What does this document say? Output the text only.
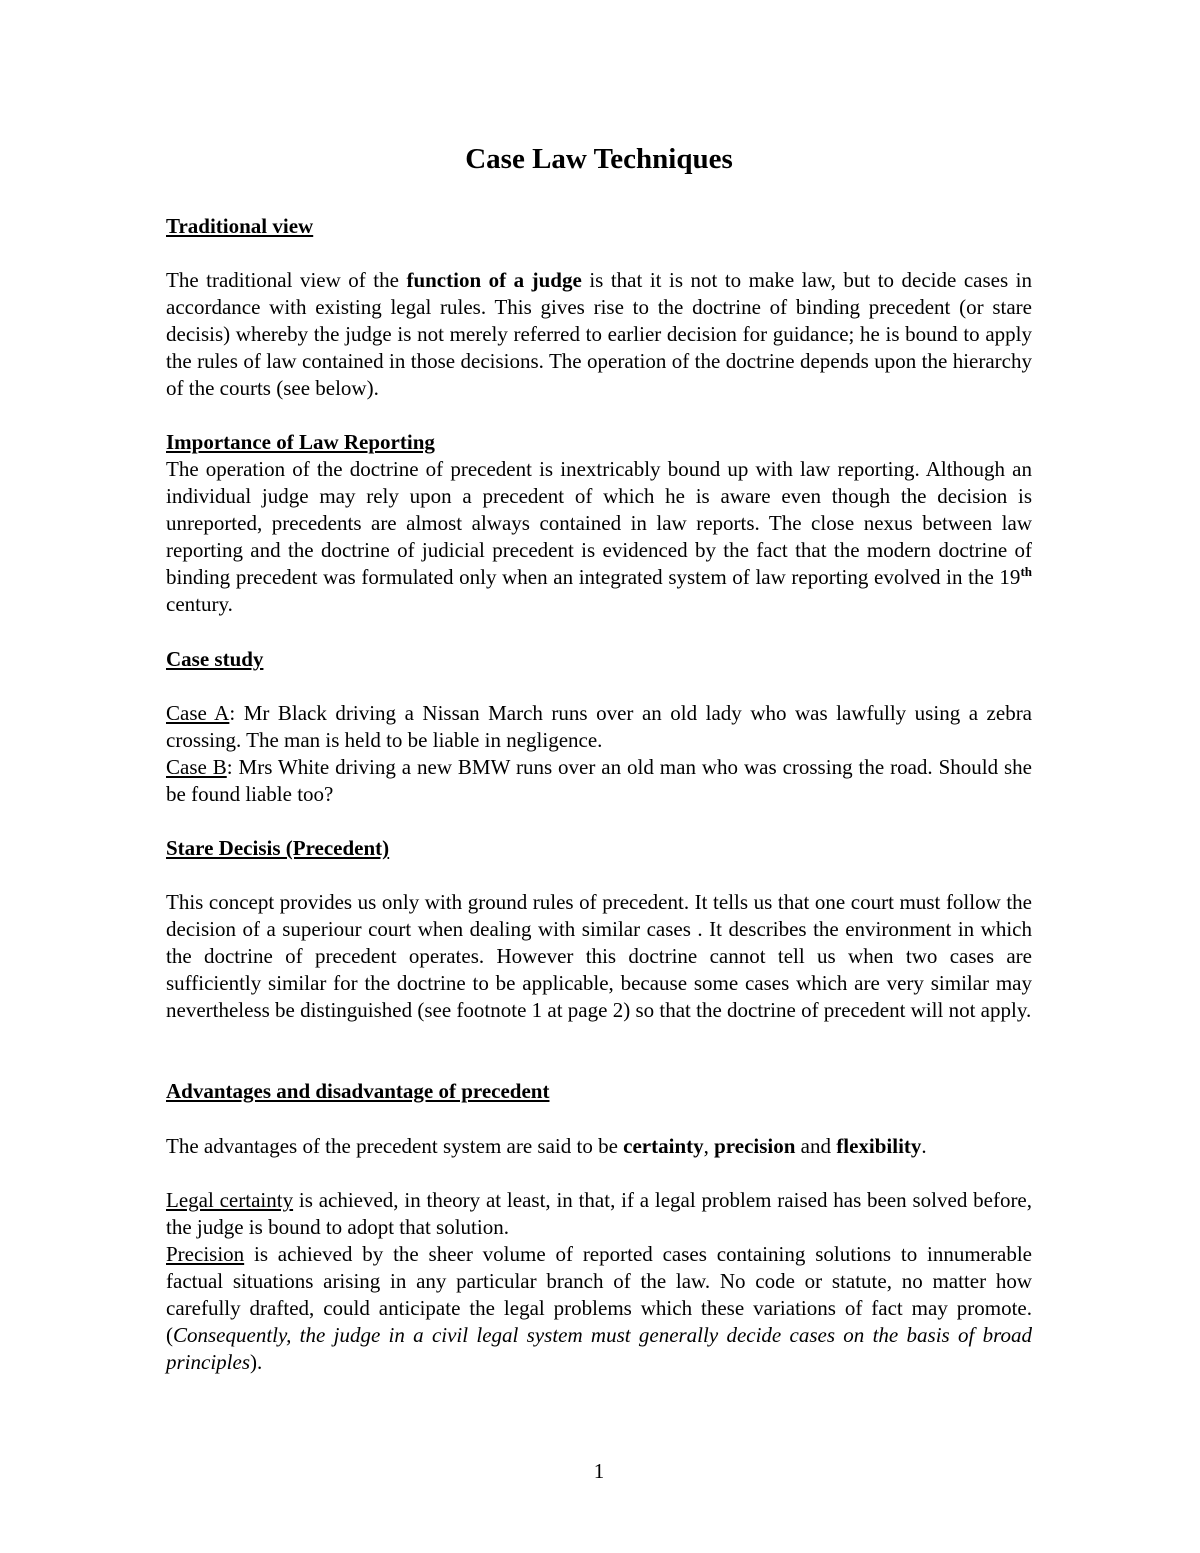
Case Law Techniques
Traditional view

The traditional view of the function of a judge is that it is not to make law, but to decide cases in accordance with existing legal rules. This gives rise to the doctrine of binding precedent (or stare decisis) whereby the judge is not merely referred to earlier decision for guidance; he is bound to apply the rules of law contained in those decisions. The operation of the doctrine depends upon the hierarchy of the courts (see below).

Importance of Law Reporting

The operation of the doctrine of precedent is inextricably bound up with law reporting. Although an individual judge may rely upon a precedent of which he is aware even though the decision is unreported, precedents are almost always contained in law reports. The close nexus between law reporting and the doctrine of judicial precedent is evidenced by the fact that the modern doctrine of binding precedent was formulated only when an integrated system of law reporting evolved in the 19th century.

Case study

Case A: Mr Black driving a Nissan March runs over an old lady who was lawfully using a zebra crossing. The man is held to be liable in negligence.

Case B: Mrs White driving a new BMW runs over an old man who was crossing the road. Should she be found liable too?

Stare Decisis (Precedent)

This concept provides us only with ground rules of precedent. It tells us that one court must follow the decision of a superiour court when dealing with similar cases . It describes the environment in which the doctrine of precedent operates. However this doctrine cannot tell us when two cases are sufficiently similar for the doctrine to be applicable, because some cases which are very similar may nevertheless be distinguished (see footnote 1 at page 2) so that the doctrine of precedent will not apply.

Advantages and disadvantage of precedent

The advantages of the precedent system are said to be certainty, precision and flexibility.

Legal certainty is achieved, in theory at least, in that, if a legal problem raised has been solved before, the judge is bound to adopt that solution.

Precision is achieved by the sheer volume of reported cases containing solutions to innumerable factual situations arising in any particular branch of the law. No code or statute, no matter how carefully drafted, could anticipate the legal problems which these variations of fact may promote. (Consequently, the judge in a civil legal system must generally decide cases on the basis of broad principles).

1
